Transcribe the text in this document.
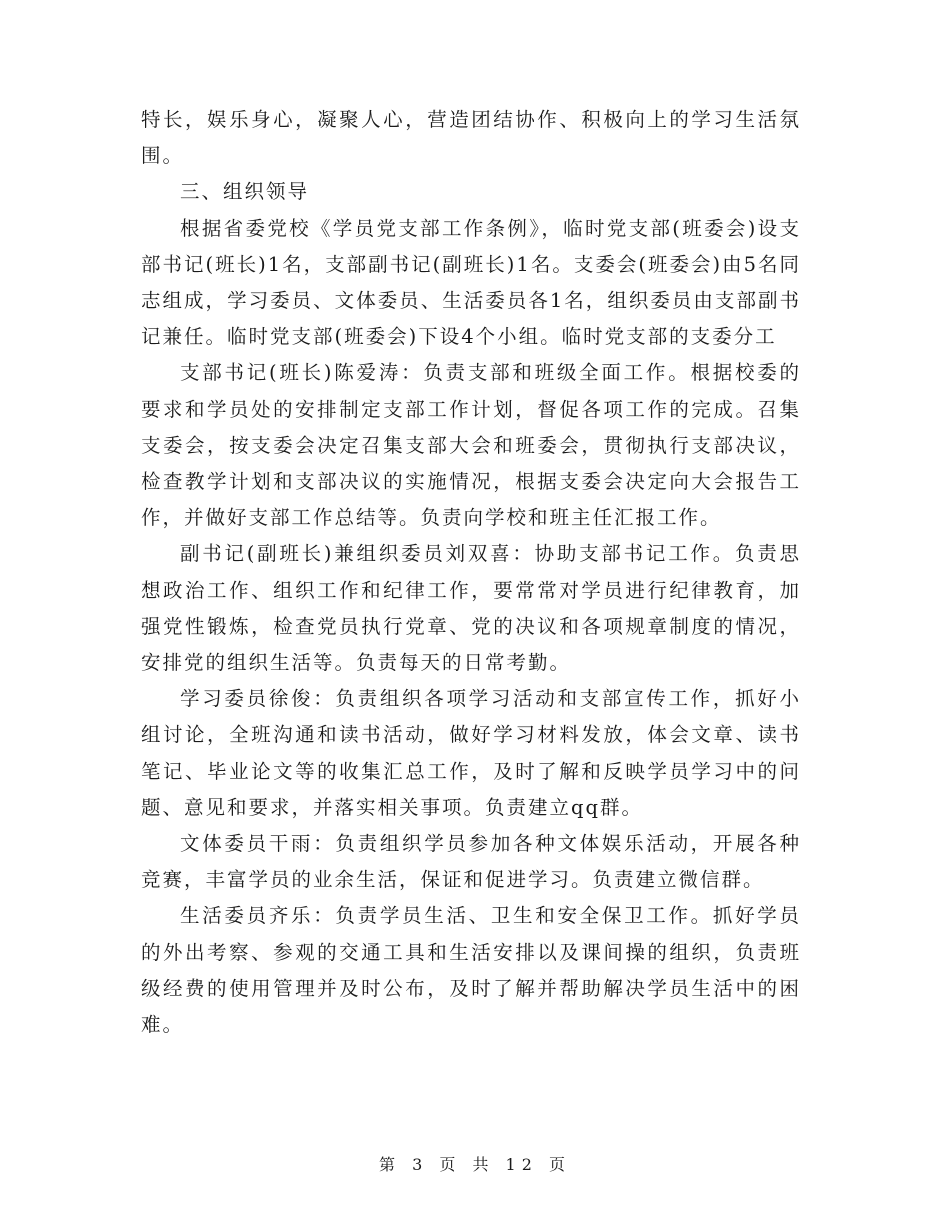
特长，娱乐身心，凝聚人心，营造团结协作、积极向上的学习生活氛围。

三、组织领导

根据省委党校《学员党支部工作条例》，临时党支部(班委会)设支部书记(班长)1名，支部副书记(副班长)1名。支委会(班委会)由5名同志组成，学习委员、文体委员、生活委员各1名，组织委员由支部副书记兼任。临时党支部(班委会)下设4个小组。临时党支部的支委分工

支部书记(班长)陈爱涛：负责支部和班级全面工作。根据校委的要求和学员处的安排制定支部工作计划，督促各项工作的完成。召集支委会，按支委会决定召集支部大会和班委会，贯彻执行支部决议，检查教学计划和支部决议的实施情况，根据支委会决定向大会报告工作，并做好支部工作总结等。负责向学校和班主任汇报工作。

副书记(副班长)兼组织委员刘双喜：协助支部书记工作。负责思想政治工作、组织工作和纪律工作，要常常对学员进行纪律教育，加强党性锻炼，检查党员执行党章、党的决议和各项规章制度的情况，安排党的组织生活等。负责每天的日常考勤。

学习委员徐俊：负责组织各项学习活动和支部宣传工作，抓好小组讨论，全班沟通和读书活动，做好学习材料发放，体会文章、读书笔记、毕业论文等的收集汇总工作，及时了解和反映学员学习中的问题、意见和要求，并落实相关事项。负责建立qq群。

文体委员干雨：负责组织学员参加各种文体娱乐活动，开展各种竞赛，丰富学员的业余生活，保证和促进学习。负责建立微信群。

生活委员齐乐：负责学员生活、卫生和安全保卫工作。抓好学员的外出考察、参观的交通工具和生活安排以及课间操的组织，负责班级经费的使用管理并及时公布，及时了解并帮助解决学员生活中的困难。

第 3 页 共 12 页
